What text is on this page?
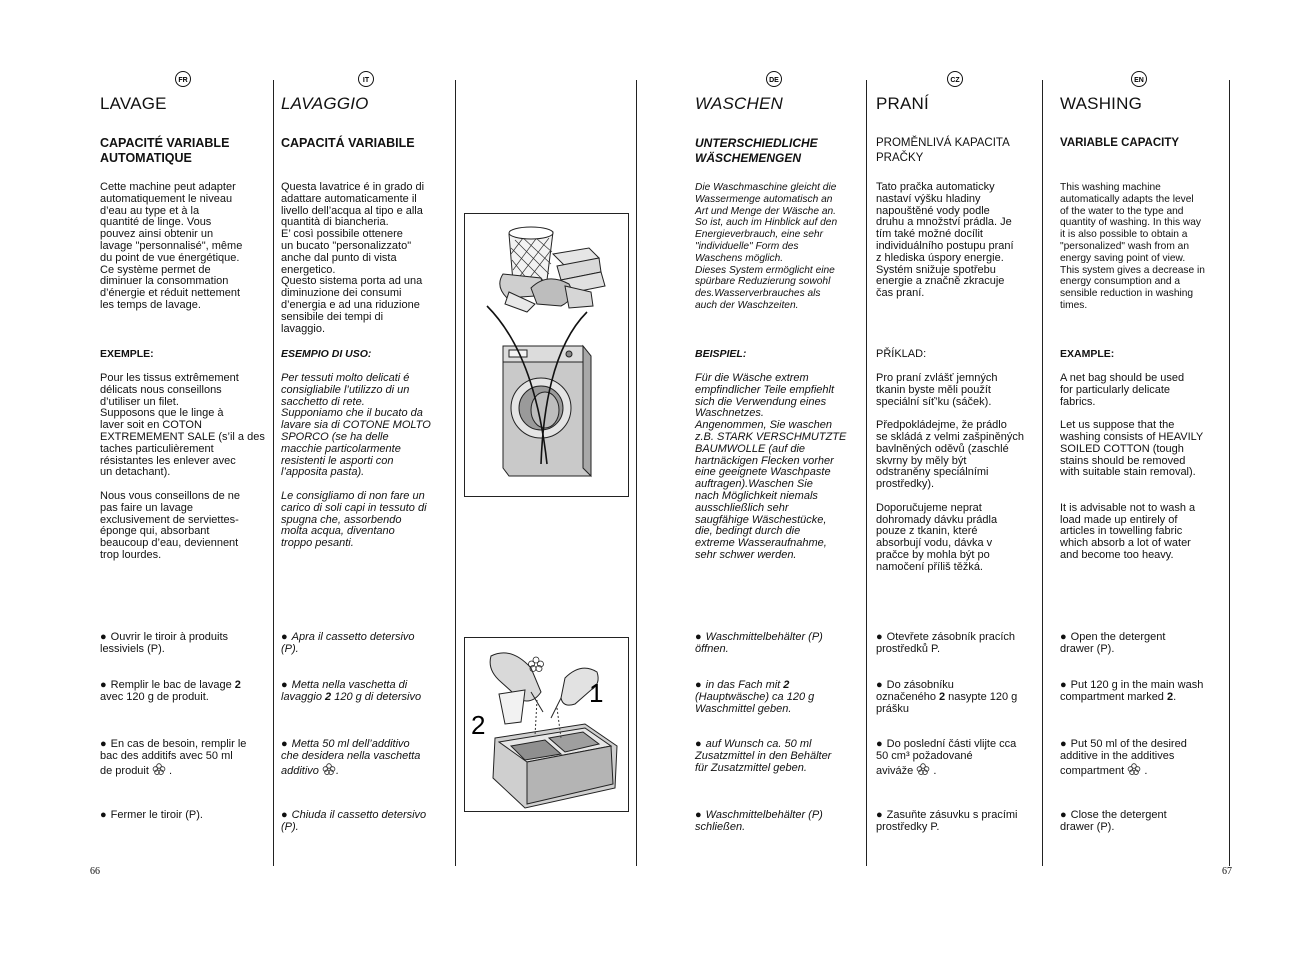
FR
LAVAGE
CAPACITÉ VARIABLE
AUTOMATIQUE
Cette machine peut adapter
automatiquement le niveau
d’eau au type et à la
quantité de linge. Vous
pouvez ainsi obtenir un
lavage "personnalisé", même
du point de vue énergétique.
Ce système permet de
diminuer la consommation
d’énergie et réduit nettement
les temps de lavage.
EXEMPLE:
Pour les tissus extrêmement
délicats nous conseillons
d’utiliser un filet.
Supposons que le linge à
laver soit en COTON
EXTREMEMENT SALE (s’il a des
taches particulièrement
résistantes les enlever avec
un detachant).

Nous vous conseillons de ne
pas faire un lavage
exclusivement de serviettes-
éponge qui, absorbant
beaucoup d’eau, deviennent
trop lourdes.
● Ouvrir le tiroir à produits
lessiviels (P).
● Remplir le bac de lavage 2
avec 120 g de produit.
● En cas de besoin, remplir le
bac des additifs avec 50 ml
de produit  .
● Fermer le tiroir (P).
IT
LAVAGGIO
CAPACITÁ VARIABILE
Questa lavatrice é in grado di
adattare automaticamente il
livello dell’acqua al tipo e alla
quantità di biancheria.
E’ così possibile ottenere
un bucato "personalizzato"
anche dal punto di vista
energetico.
Questo sistema porta ad una
diminuzione dei consumi
d’energia e ad una riduzione
sensibile dei tempi di
lavaggio.
ESEMPIO DI USO:
Per tessuti molto delicati é
consigliabile l’utilizzo di un
sacchetto di rete.
Supponiamo che il bucato da
lavare sia di COTONE MOLTO
SPORCO (se ha delle
macchie particolarmente
resistenti le asporti con
l’apposita pasta).

Le consigliamo di non fare un
carico di soli capi in tessuto di
spugna che, assorbendo
molta acqua, diventano
troppo pesanti.
● Apra il cassetto detersivo
(P).
● Metta nella vaschetta di
lavaggio 2 120 g di detersivo
● Metta 50 ml dell’additivo
che desidera nella vaschetta
additivo .
● Chiuda il cassetto detersivo
(P).
1
2
DE
WASCHEN
UNTERSCHIEDLICHE
WÄSCHEMENGEN
Die Waschmaschine gleicht die
Wassermenge automatisch an
Art und Menge der Wäsche an.
So ist, auch im Hinblick auf den
Energieverbrauch, eine sehr
"individuelle" Form des
Waschens möglich.
Dieses System ermöglicht eine
spürbare Reduzierung sowohl
des.Wasserverbrauches als
auch der Waschzeiten.
BEISPIEL:
Für die Wäsche extrem
empfindlicher Teile empfiehlt
sich die Verwendung eines
Waschnetzes.
Angenommen, Sie waschen
z.B. STARK VERSCHMUTZTE
BAUMWOLLE (auf die
hartnäckigen Flecken vorher
eine geeignete Waschpaste
auftragen).Waschen Sie
nach Möglichkeit niemals
ausschließlich sehr
saugfähige Wäschestücke,
die, bedingt durch die
extreme Wasseraufnahme,
sehr schwer werden.
● Waschmittelbehälter (P)
öffnen.
● in das Fach mit 2
(Hauptwäsche) ca 120 g
Waschmittel geben.
● auf Wunsch ca. 50 ml
Zusatzmittel in den Behälter
für Zusatzmittel geben.
● Waschmittelbehälter (P)
schließen.
CZ
PRANÍ
PROMĚNLIVÁ KAPACITA
PRAČKY
Tato pračka automaticky
nastaví výšku hladiny
napouštěné vody podle
druhu a množství prádla. Je
tím také možné docílit
individuálního postupu praní
z hlediska úspory energie.
Systém snižuje spotřebu
energie a značně zkracuje
čas praní.
PŘÍKLAD:
Pro praní zvlášť jemných
tkanin byste měli použít
speciální síť’ku (sáček).

Předpokládejme, že prádlo
se skládá z velmi zašpiněných
bavlněných oděvů (zaschlé
skvrny by měly být
odstraněny speciálními
prostředky).

Doporučujeme neprat
dohromady dávku prádla
pouze z tkanin, které
absorbují vodu, dávka v
pračce by mohla být po
namočení příliš těžká.
● Otevřete zásobník pracích
prostředků P.
● Do zásobníku
označeného 2 nasypte 120 g
prášku
● Do poslední části vlijte cca
50 cm³ požadované
aviváže  .
● Zasuňte zásuvku s pracími
prostředky P.
EN
WASHING
VARIABLE CAPACITY
This washing machine
automatically adapts the level
of the water to the type and
quantity of washing. In this way
it is also possible to obtain a
"personalized" wash from an
energy saving point of view.
This system gives a decrease in
energy consumption and a
sensible reduction in washing
times.
EXAMPLE:
A net bag should be used
for particularly delicate
fabrics.

Let us suppose that the
washing consists of HEAVILY
SOILED COTTON (tough
stains should be removed
with suitable stain removal).

It is advisable not to wash a
load made up entirely of
articles in towelling fabric
which absorb a lot of water
and become too heavy.
● Open the detergent
drawer (P).
● Put 120 g in the main wash
compartment marked 2.
● Put 50 ml of the desired
additive in the additives
compartment  .
● Close the detergent
drawer (P).
66	67
